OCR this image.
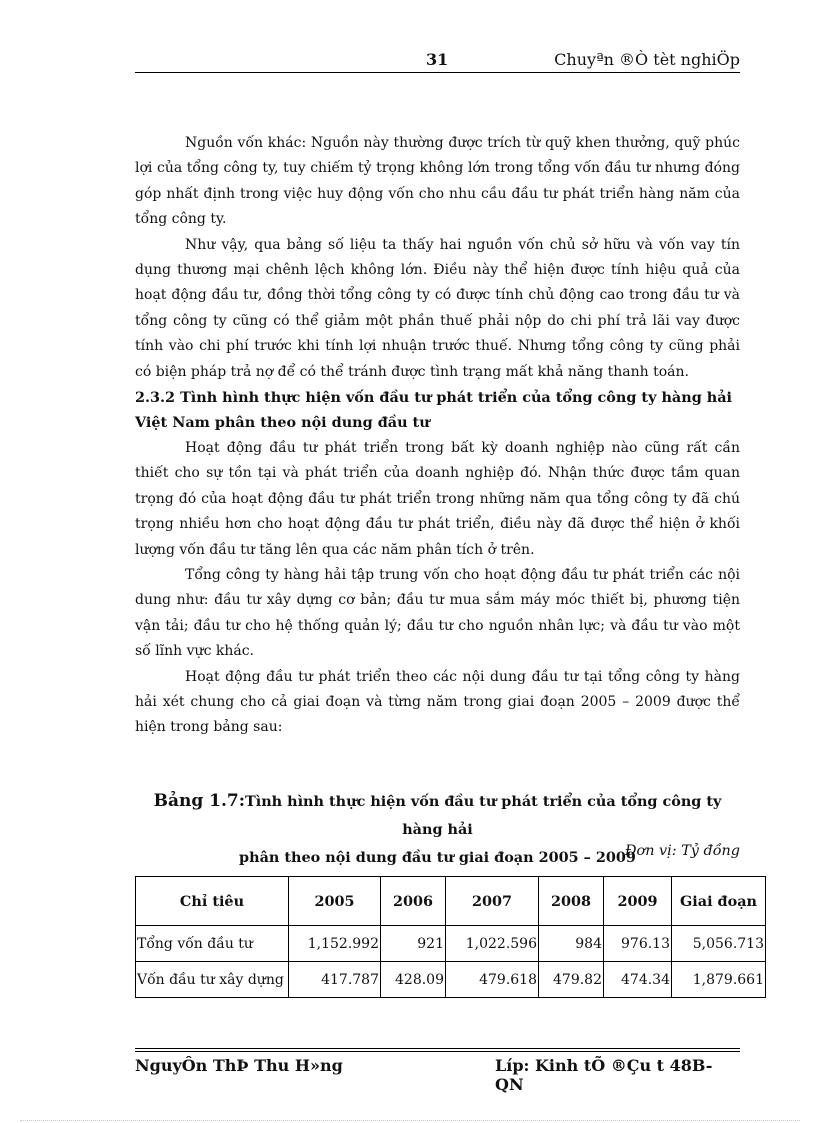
31	Chuyªn ®Ò tèt nghiÖp

Nguồn vốn khác: Nguồn này thường được trích từ quỹ khen thưởng, quỹ phúc lợi của tổng công ty, tuy chiếm tỷ trọng không lớn trong tổng vốn đầu tư nhưng đóng góp nhất định trong việc huy động vốn cho nhu cầu đầu tư phát triển hàng năm của tổng công ty.

Như vậy, qua bảng số liệu ta thấy hai nguồn vốn chủ sở hữu và vốn vay tín dụng thương mại chênh lệch không lớn. Điều này thể hiện được tính hiệu quả của hoạt động đầu tư, đồng thời tổng công ty có được tính chủ động cao trong đầu tư và tổng công ty cũng có thể giảm một phần thuế phải nộp do chi phí trả lãi vay được tính vào chi phí trước khi tính lợi nhuận trước thuế. Nhưng tổng công ty cũng phải có biện pháp trả nợ để có thể tránh được tình trạng mất khả năng thanh toán.

2.3.2 Tình hình thực hiện vốn đầu tư phát triển của tổng công ty hàng hải Việt Nam phân theo nội dung đầu tư

Hoạt động đầu tư phát triển trong bất kỳ doanh nghiệp nào cũng rất cần thiết cho sự tồn tại và phát triển của doanh nghiệp đó. Nhận thức được tầm quan trọng đó của hoạt động đầu tư phát triển trong những năm qua tổng công ty đã chú trọng nhiều hơn cho hoạt động đầu tư phát triển, điều này đã được thể hiện ở khối lượng vốn đầu tư tăng lên qua các năm phân tích ở trên.

Tổng công ty hàng hải tập trung vốn cho hoạt động đầu tư phát triển các nội dung như: đầu tư xây dựng cơ bản; đầu tư mua sắm máy móc thiết bị, phương tiện vận tải; đầu tư cho hệ thống quản lý; đầu tư cho nguồn nhân lực; và đầu tư vào một số lĩnh vực khác.

Hoạt động đầu tư phát triển theo các nội dung đầu tư tại tổng công ty hàng hải xét chung cho cả giai đoạn và từng năm trong giai đoạn 2005 – 2009 được thể hiện trong bảng sau:

Bảng 1.7:Tình hình thực hiện vốn đầu tư phát triển của tổng công ty hàng hải
phân theo nội dung đầu tư giai đoạn 2005 – 2009
Đơn vị: Tỷ đồng
Chỉ tiêu	2005	2006	2007	2008	2009	Giai đoạn
Tổng vốn đầu tư	1,152.992	921	1,022.596	984	976.13	5,056.713
Vốn đầu tư xây dựng	417.787	428.09	479.618	479.82	474.34	1,879.661
NguyÔn ThÞ Thu H»ng	Líp: Kinh tÕ ®Çu t 48B- QN
